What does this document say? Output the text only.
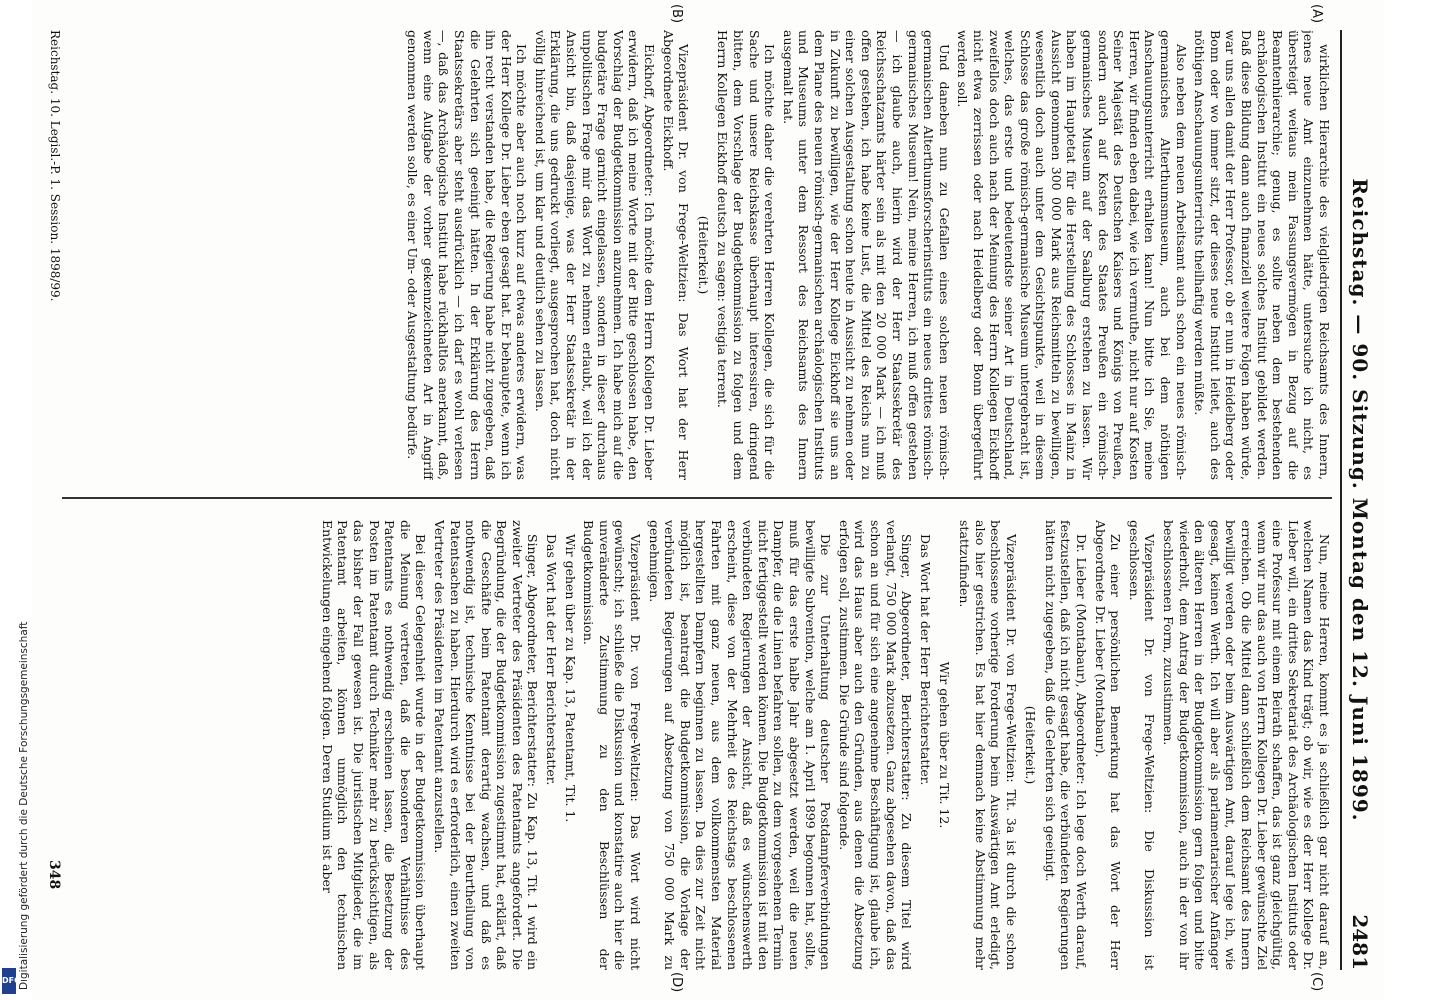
Digitalisierung gefördert durch die Deutsche Forschungsgemeinschaft
DFG
Reichstag. — 90. Sitzung. Montag den 12. Juni 1899.
2481
(A)
(B)
(C)
(D)

wirklichen Hierarchie des vielgliedrigen Reichsamts des Innern, jenes neue Amt einzunehmen hätte, untersuche ich nicht, es übersteigt weitaus mein Fassungsvermögen in Bezug auf die Beamtenhierarchie; genug, es sollte neben dem bestehenden archäologischen Institut ein neues solches Institut gebildet werden. Daß diese Bildung dann auch finanziell weitere Folgen haben würde, war uns allen damit der Herr Professor, ob er nun in Heidelberg oder Bonn oder wo immer sitzt, der dieses neue Institut leitet, auch des nöthigen Anschauungsunterrichts theilhaftig werden müßte.

Also neben dem neuen Arbeitsamt auch schon ein neues römisch-germanisches Alterthumsmuseum, auch bei dem nöthigen Anschauungsunterricht erhalten kann! Nun bitte ich Sie, meine Herren, wir finden eben dabei, wie ich vermuthe, nicht nur auf Kosten Seiner Majestät des Deutschen Kaisers und Königs von Preußen, sondern auch auf Kosten des Staates Preußen ein römisch-germanisches Museum auf der Saalburg erstehen zu lassen. Wir haben im Hauptetat für die Herstellung des Schlosses in Mainz in Aussicht genommen 300 000 Mark aus Reichsmitteln zu bewilligen, wesentlich doch auch unter dem Gesichtspunkte, weil in diesem Schlosse das große römisch-germanische Museum untergebracht ist, welches, das erste und bedeutendste seiner Art in Deutschland, zweifellos doch auch nach der Meinung des Herrn Kollegen Eickhoff nicht etwa zerrissen oder nach Heidelberg oder Bonn übergeführt werden soll.

Und daneben nun zu Gefallen eines solchen neuen römisch-germanischen Alterthumsforscherinstituts ein neues drittes römisch-germanisches Museum! Nein, meine Herren, ich muß offen gestehen — ich glaube auch, hierin wird der Herr Staatssekretär des Reichsschatzamts härter sein als mit den 20 000 Mark — ich muß offen gestehen, ich habe keine Lust, die Mittel des Reichs nun zu einer solchen Ausgestaltung schon heute in Aussicht zu nehmen oder in Zukunft zu bewilligen, wie der Herr Kollege Eickhoff sie uns an dem Plane des neuen römisch-germanischen archäologischen Instituts und Museums unter dem Ressort des Reichsamts des Innern ausgemalt hat.

Ich möchte daher die verehrten Herren Kollegen, die sich für die Sache und unsere Reichskasse überhaupt interessiren, dringend bitten, dem Vorschlage der Budgetkommission zu folgen und dem Herrn Kollegen Eickhoff deutsch zu sagen: vestigia terrent.

(Heiterkeit.)

Vizepräsident Dr. von Frege-Weltzien: Das Wort hat der Herr Abgeordnete Eickhoff.

Eickhoff, Abgeordneter: Ich möchte dem Herrn Kollegen Dr. Lieber erwidern, daß ich meine Worte mit der Bitte geschlossen habe, den Vorschlag der Budgetkommission anzunehmen. Ich habe mich auf die budgetäre Frage garnicht eingelassen, sondern in dieser durchaus unpolitischen Frage mir das Wort zu nehmen erlaubt, weil ich der Ansicht bin, daß dasjenige, was der Herr Staatssekretär in der Erklärung, die uns gedruckt vorliegt, ausgesprochen hat, doch nicht völlig hinreichend ist, um klar und deutlich sehen zu lassen.

Ich möchte aber auch noch kurz auf etwas anderes erwidern, was der Herr Kollege Dr. Lieber eben gesagt hat. Er behauptete, wenn ich ihn recht verstanden habe, die Regierung habe nicht zugegeben, daß die Gelehrten sich geeinigt hätten. In der Erklärung des Herrn Staatssekretärs aber steht ausdrücklich — ich darf es wohl verlesen —, daß das Archäologische Institut habe rückhaltlos anerkannt, daß, wenn eine Aufgabe der vorher gekennzeichneten Art in Angriff genommen werden solle, es einer Um- oder Ausgestaltung bedürfe.

Nun, meine Herren, kommt es ja schließlich gar nicht darauf an, welchen Namen das Kind trägt; ob wir, wie es der Herr Kollege Dr. Lieber will, ein drittes Sekretariat des Archäologischen Instituts oder eine Professur mit einem Beirath schaffen, das ist ganz gleichgültig, wenn wir nur das auch von Herrn Kollegen Dr. Lieber gewünschte Ziel erreichen. Ob die Mittel dann schließlich dem Reichsamt des Innern bewilligt werden oder beim Auswärtigen Amt, darauf lege ich, wie gesagt, keinen Werth. Ich will aber als parlamentarischer Anfänger den älteren Herren in der Budgetkommission gern folgen und bitte wiederholt, dem Antrag der Budgetkommission, auch in der von ihr beschlossenen Form, zuzustimmen.

Vizepräsident Dr. von Frege-Weltzien: Die Diskussion ist geschlossen.

Zu einer persönlichen Bemerkung hat das Wort der Herr Abgeordnete Dr. Lieber (Montabaur).

Dr. Lieber (Montabaur), Abgeordneter: Ich lege doch Werth darauf, festzustellen, daß ich nicht gesagt habe, die verbündeten Regierungen hätten nicht zugegeben, daß die Gelehrten sich geeinigt.

(Heiterkeit.)

Vizepräsident Dr. von Frege-Weltzien: Tit. 3a ist durch die schon beschlossene vorherige Forderung beim Auswärtigen Amt erledigt, also hier gestrichen. Es hat hier demnach keine Abstimmung mehr stattzufinden.

Wir gehen über zu Tit. 12.

Das Wort hat der Herr Berichterstatter.

Singer, Abgeordneter, Berichterstatter: Zu diesem Titel wird verlangt, 750 000 Mark abzusetzen. Ganz abgesehen davon, daß das schon an und für sich eine angenehme Beschäftigung ist, glaube ich, wird das Haus aber auch den Gründen, aus denen die Absetzung erfolgen soll, zustimmen. Die Gründe sind folgende.

Die zur Unterhaltung deutscher Postdampferverbindungen bewilligte Subvention, welche am 1. April 1899 begonnen hat, sollte, muß für das erste halbe Jahr abgesetzt werden, weil die neuen Dampfer, die die Linien befahren sollen, zu dem vorgesehenen Termin nicht fertiggestellt werden können. Die Budgetkommission ist mit den verbündeten Regierungen der Ansicht, daß es wünschenswerth erscheint, diese von der Mehrheit des Reichstags beschlossenen Fahrten mit ganz neuen, aus dem vollkommensten Material hergestellten Dampfern beginnen zu lassen. Da dies zur Zeit nicht möglich ist, beantragt die Budgetkommission, die Vorlage der verbündeten Regierungen auf Absetzung von 750 000 Mark zu genehmigen.

Vizepräsident Dr. von Frege-Weltzien: Das Wort wird nicht gewünscht; ich schließe die Diskussion und konstatire auch hier die unveränderte Zustimmung zu den Beschlüssen der Budgetkommission.

Wir gehen über zu Kap. 13, Patentamt, Tit. 1.

Das Wort hat der Herr Berichterstatter.

Singer, Abgeordneter, Berichterstatter: Zu Kap. 13, Tit. 1 wird ein zweiter Vertreter des Präsidenten des Patentamts angefordert. Die Begründung, die der Budgetkommission zugestimmt hat, erklärt, daß die Geschäfte beim Patentamt derartig wachsen, und daß es nothwendig ist, technische Kenntnisse bei der Beurtheilung von Patentsachen zu haben. Hierdurch wird es erforderlich, einen zweiten Vertreter des Präsidenten im Patentamt anzustellen.

Bei dieser Gelegenheit wurde in der Budgetkommission überhaupt die Meinung vertreten, daß die besonderen Verhältnisse des Patentamts es nothwendig erscheinen lassen, die Besetzung der Posten im Patentamt durch Techniker mehr zu berücksichtigen, als das bisher der Fall gewesen ist. Die juristischen Mitglieder, die im Patentamt arbeiten, können unmöglich den technischen Entwickelungen eingehend folgen. Deren Studium ist aber

Reichstag. 10. Legisl.-P. 1. Session. 1898/99.
348
